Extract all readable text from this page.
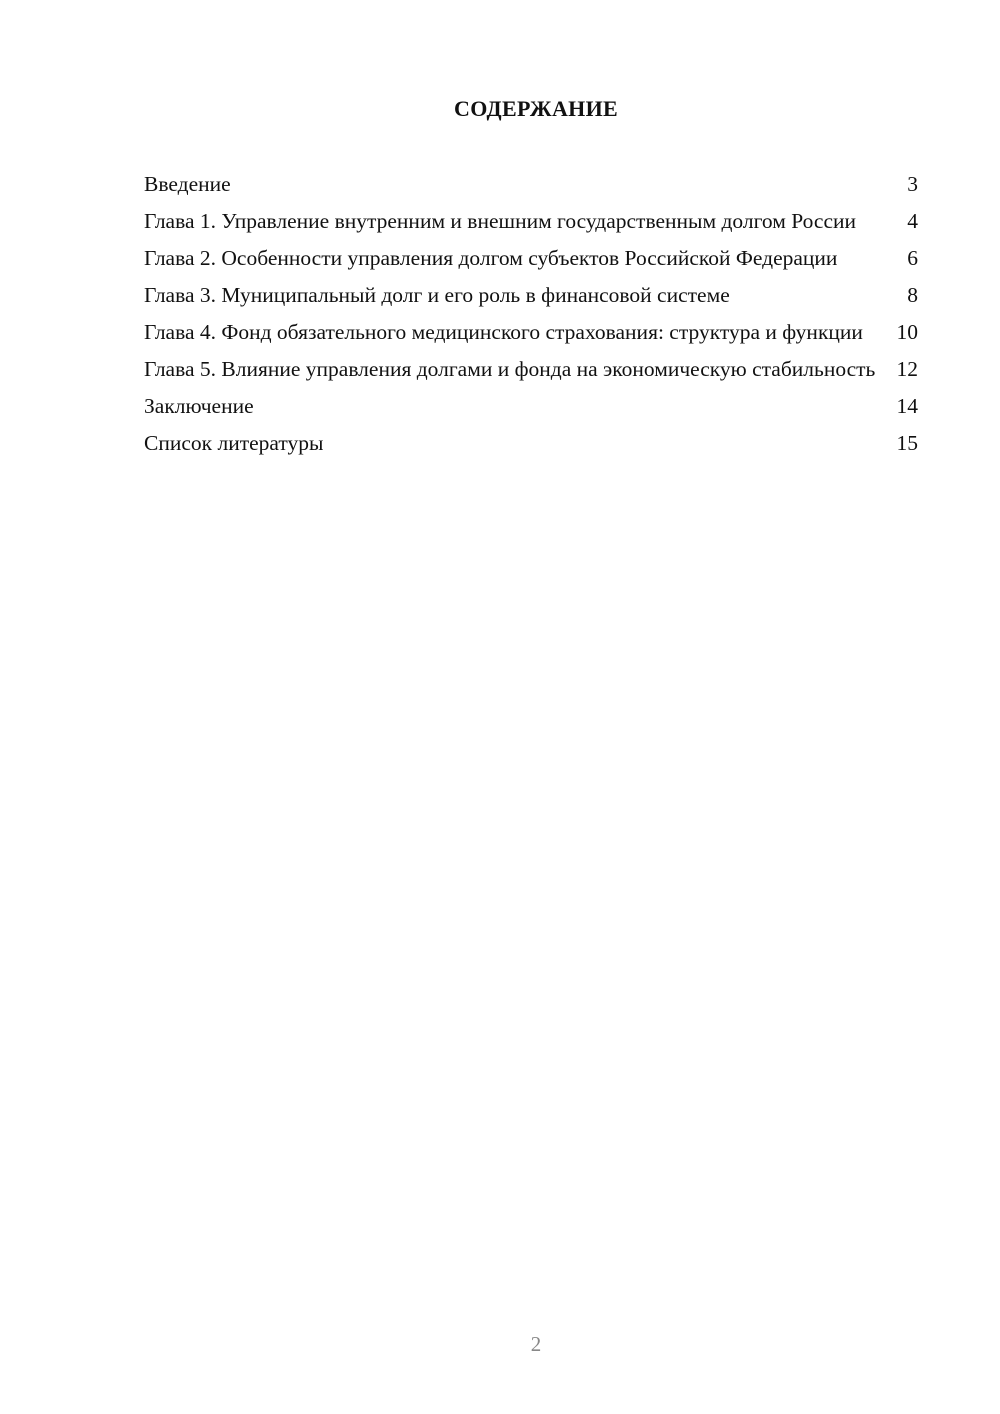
СОДЕРЖАНИЕ
Введение	3
Глава 1. Управление внутренним и внешним государственным долгом России	4
Глава 2. Особенности управления долгом субъектов Российской Федерации	6
Глава 3. Муниципальный долг и его роль в финансовой системе	8
Глава 4. Фонд обязательного медицинского страхования: структура и функции	10
Глава 5. Влияние управления долгами и фонда на экономическую стабильность 12
Заключение	14
Список литературы	15
2
